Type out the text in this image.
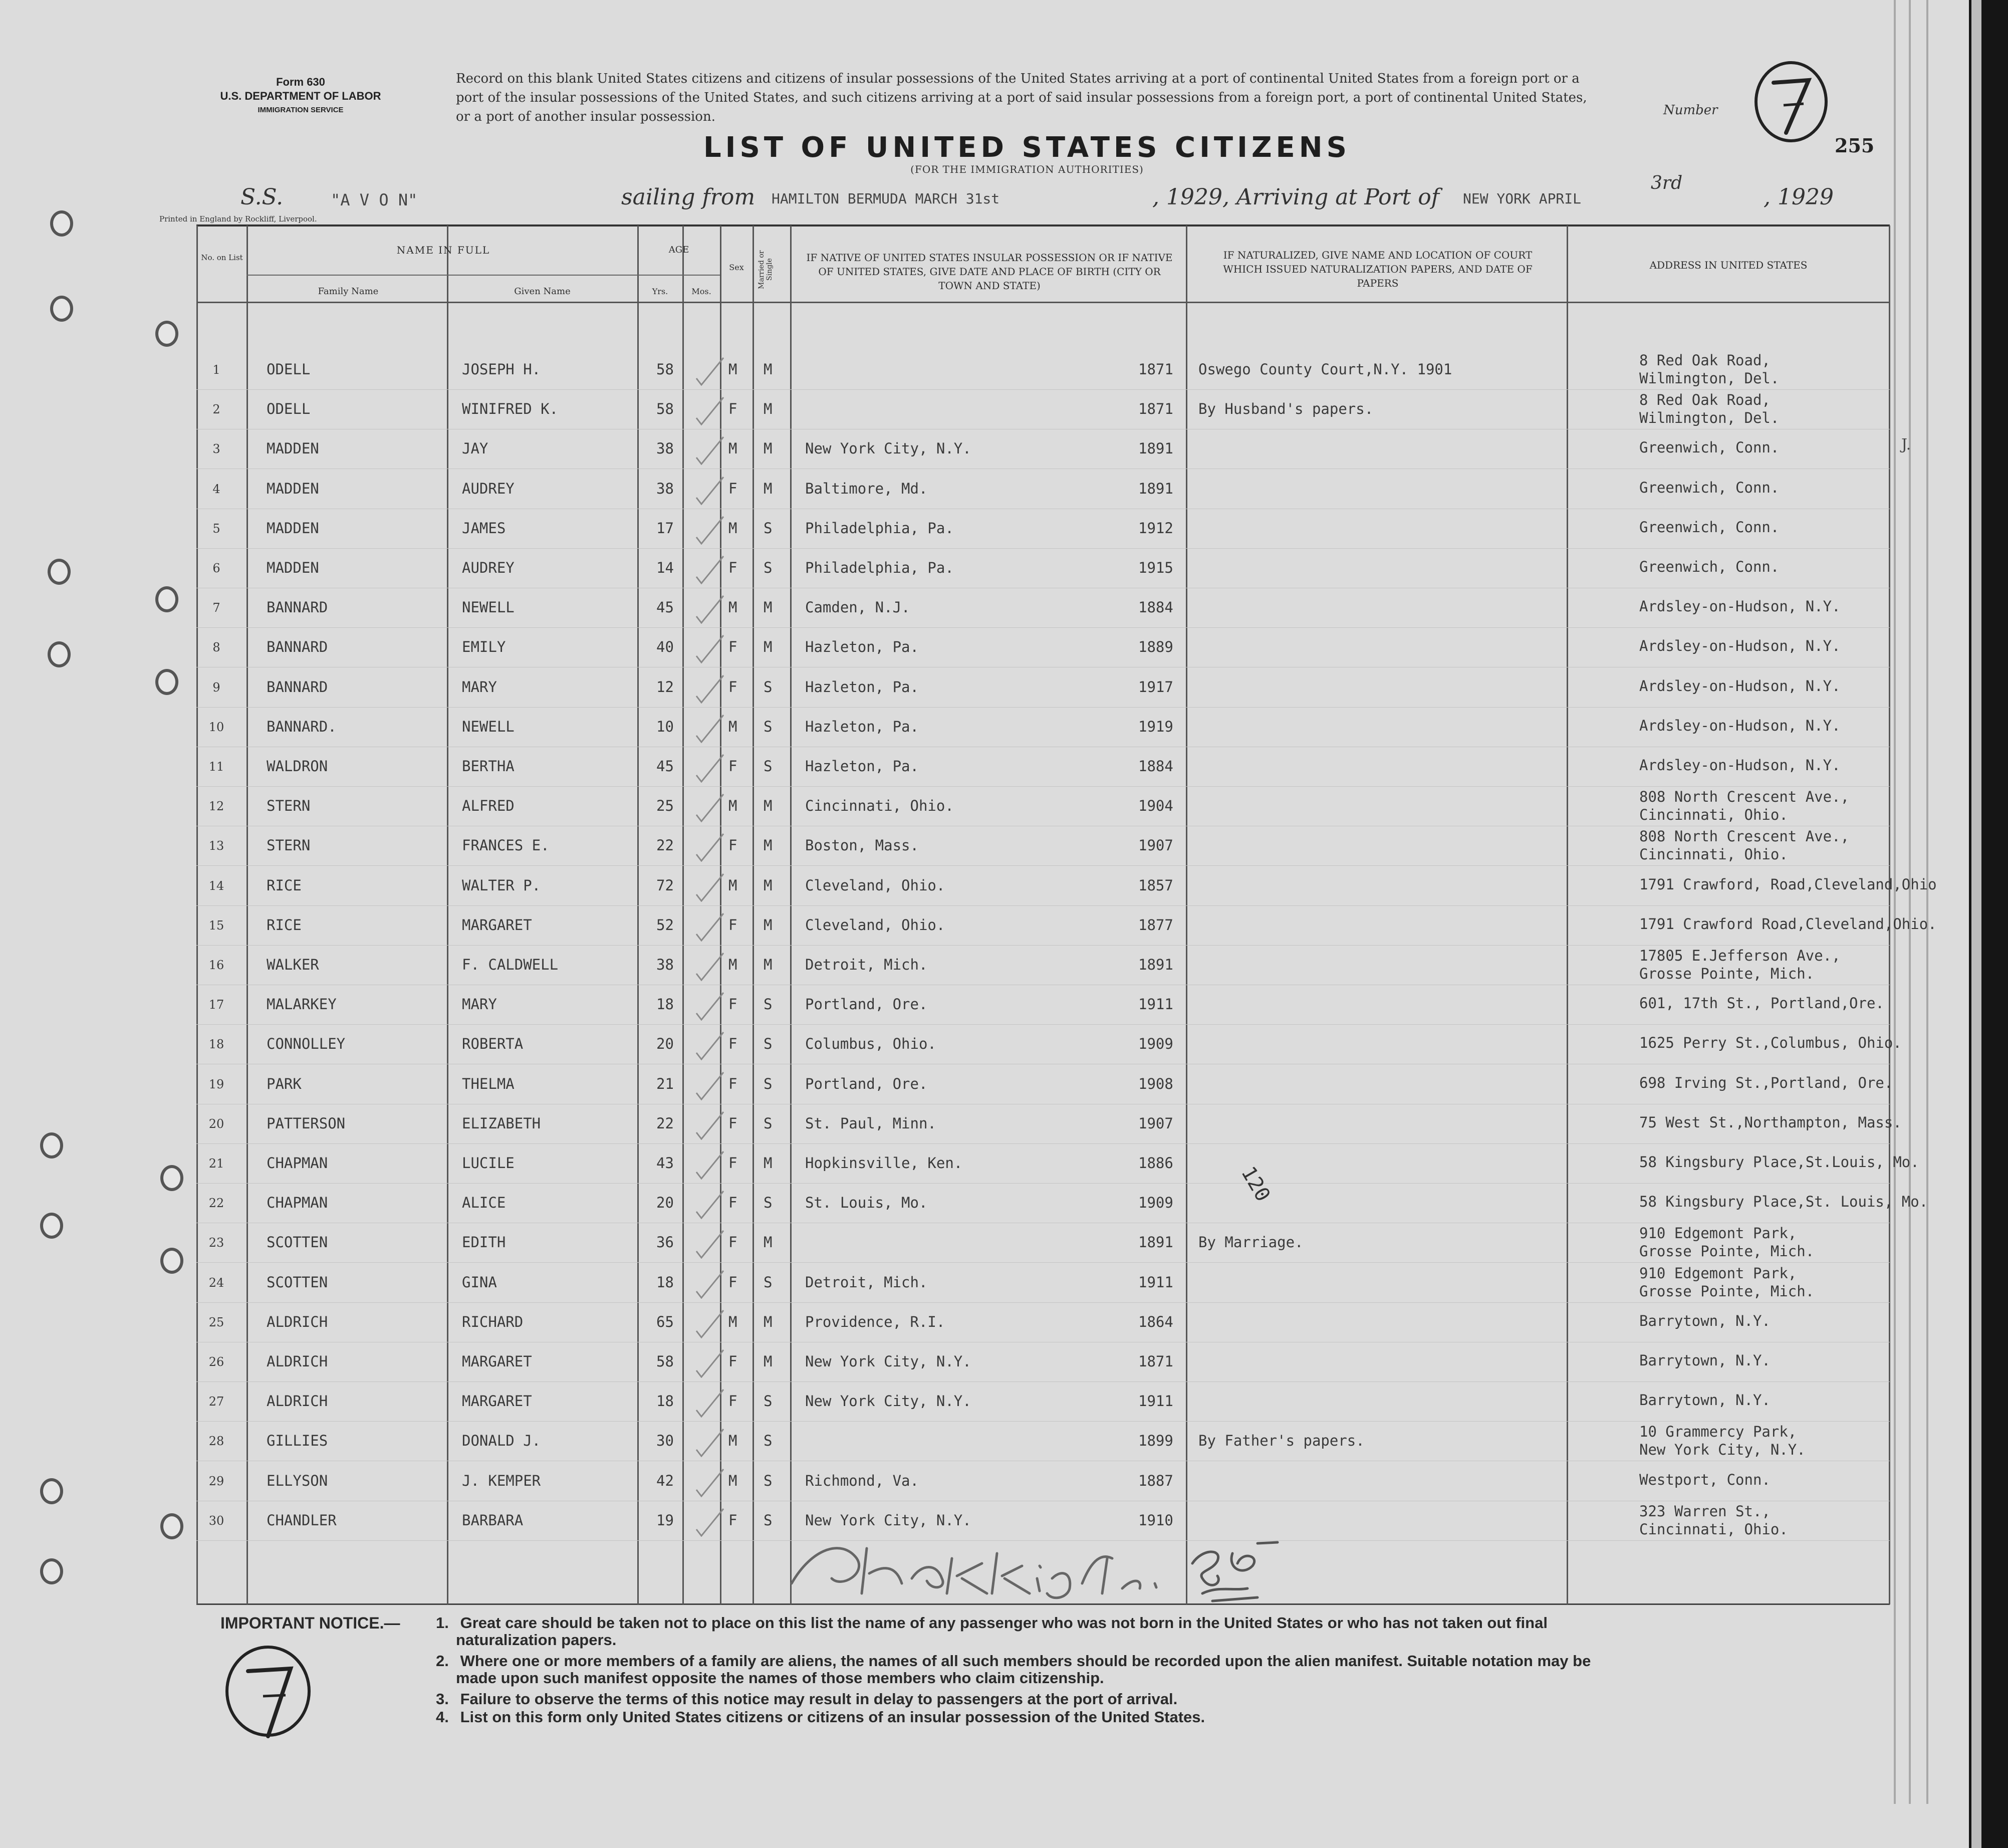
Form 630
U.S. DEPARTMENT OF LABOR
IMMIGRATION SERVICE
Record on this blank United States citizens and citizens of insular possessions of the United States arriving at a port of continental United States from a foreign port or a port of the insular possessions of the United States, and such citizens arriving at a port of said insular possessions from a foreign port, a port of continental United States, or a port of another insular possession.	Number
7
255
LIST OF UNITED STATES CITIZENS
(FOR THE IMMIGRATION AUTHORITIES)
S.S.	"A V O N"	sailing from HAMILTON BERMUDA MARCH 31st	, 1929 , Arriving at Port of NEW YORK APRIL
3rd
, 1929
Printed in England by Rockliff, Liverpool.
No. on List
NAME IN FULL
Family Name	Given Name
AGE
Yrs.	Mos.
Sex	Married or Single
IF NATIVE OF UNITED STATES INSULAR POSSESSION OR IF NATIVE OF UNITED STATES, GIVE DATE AND PLACE OF BIRTH (CITY OR TOWN AND STATE)
IF NATURALIZED, GIVE NAME AND LOCATION OF COURT WHICH ISSUED NATURALIZATION PAPERS, AND DATE OF PAPERS
ADDRESS IN UNITED STATES
1	ODELL	JOSEPH H.	58	M M	1871 Oswego County Court,N.Y. 1901
8 Red Oak Road,
Wilmington, Del.
2	ODELL	WINIFRED K.	58	F M	1871 By Husband's papers.
8 Red Oak Road,
Wilmington, Del.
3	MADDEN	JAY	38	M M New York City, N.Y.	1891	Greenwich, Conn.
4	MADDEN	AUDREY	38	F M Baltimore, Md.	1891	Greenwich, Conn.
5	MADDEN	JAMES	17	M S Philadelphia, Pa.	1912	Greenwich, Conn.
6	MADDEN	AUDREY	14	F S Philadelphia, Pa.	1915	Greenwich, Conn.
7	BANNARD	NEWELL	45	M M Camden, N.J.	1884	Ardsley-on-Hudson, N.Y.
8	BANNARD	EMILY	40	F M Hazleton, Pa.	1889	Ardsley-on-Hudson, N.Y.
9	BANNARD	MARY	12	F S Hazleton, Pa.	1917	Ardsley-on-Hudson, N.Y.
10	BANNARD.	NEWELL	10	M S Hazleton, Pa.	1919	Ardsley-on-Hudson, N.Y.
11	WALDRON	BERTHA	45	F S Hazleton, Pa.	1884	Ardsley-on-Hudson, N.Y.
12	STERN	ALFRED	25	M M Cincinnati, Ohio.	1904
808 North Crescent Ave.,
Cincinnati, Ohio.
13	STERN	FRANCES E.	22	F M Boston, Mass.	1907
808 North Crescent Ave.,
Cincinnati, Ohio.
14	RICE	WALTER P.	72	M M Cleveland, Ohio.	1857	1791 Crawford, Road,Cleveland,Ohio
15	RICE	MARGARET	52	F M Cleveland, Ohio.	1877	1791 Crawford Road,Cleveland,Ohio.
16	WALKER	F. CALDWELL	38	M M Detroit, Mich.	1891
17805 E.Jefferson Ave.,
Grosse Pointe, Mich.
17	MALARKEY	MARY	18	F S Portland, Ore.	1911	601, 17th St., Portland,Ore.
18	CONNOLLEY	ROBERTA	20	F S Columbus, Ohio.	1909	1625 Perry St.,Columbus, Ohio.
19	PARK	THELMA	21	F S Portland, Ore.	1908	698 Irving St.,Portland, Ore.
20	PATTERSON	ELIZABETH	22	F S St. Paul, Minn.	1907	75 West St.,Northampton, Mass.
21	CHAPMAN	LUCILE	43	F M Hopkinsville, Ken.	1886	58 Kingsbury Place,St.Louis, Mo.
22	CHAPMAN	ALICE	20	F S St. Louis, Mo.	1909	58 Kingsbury Place,St. Louis, Mo.
23	SCOTTEN	EDITH	36	F M	1891 By Marriage.
910 Edgemont Park,
Grosse Pointe, Mich.
24	SCOTTEN	GINA	18	F S Detroit, Mich.	1911
910 Edgemont Park,
Grosse Pointe, Mich.
25	ALDRICH	RICHARD	65	M M Providence, R.I.	1864	Barrytown, N.Y.
26	ALDRICH	MARGARET	58	F M New York City, N.Y.	1871	Barrytown, N.Y.
27	ALDRICH	MARGARET	18	F S New York City, N.Y.	1911	Barrytown, N.Y.
28	GILLIES	DONALD J.	30	M S	1899 By Father's papers.
10 Grammercy Park,
New York City, N.Y.
29	ELLYSON	J. KEMPER	42	M S Richmond, Va.	1887	Westport, Conn.
30	CHANDLER	BARBARA	19	F S New York City, N.Y.	1910
323 Warren St.,
Cincinnati, Ohio.
J.
120
IMPORTANT NOTICE.— 1. Great care should be taken not to place on this list the name of any passenger who was not born in the United States or who has not taken out final
naturalization papers.
2. Where one or more members of a family are aliens, the names of all such members should be recorded upon the alien manifest. Suitable notation may be
made upon such manifest opposite the names of those members who claim citizenship.
3. Failure to observe the terms of this notice may result in delay to passengers at the port of arrival.
4. List on this form only United States citizens or citizens of an insular possession of the United States.
